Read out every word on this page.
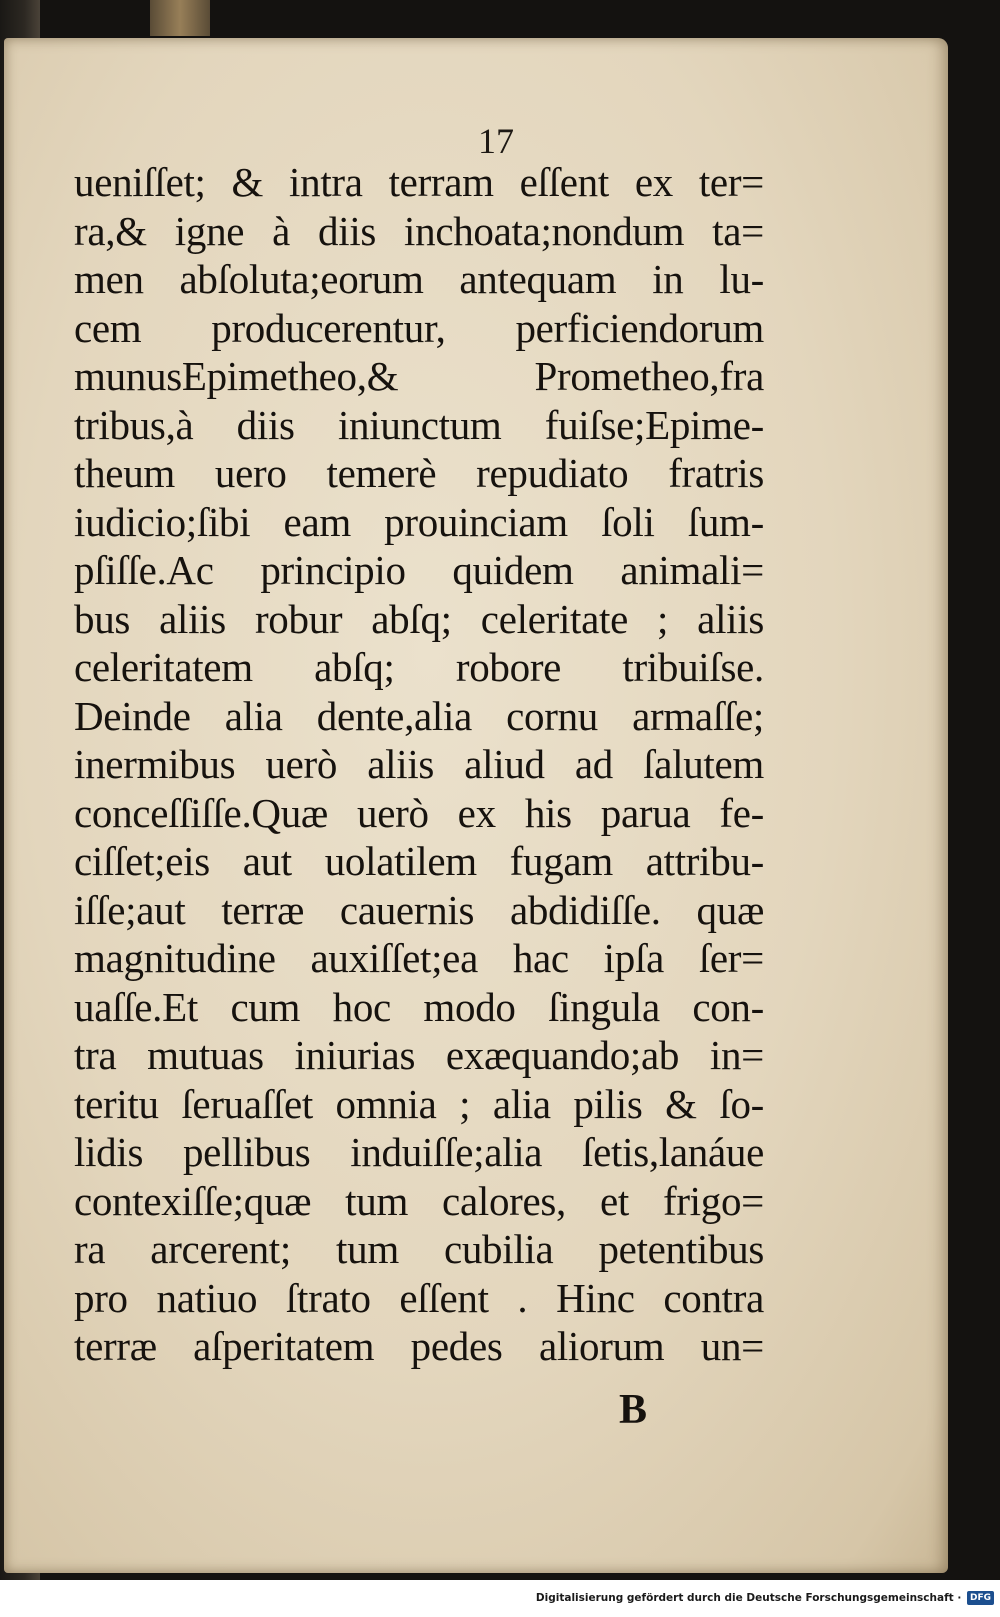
17
ueniſſet; & intra terram eſſent ex ter=
ra,& igne à diis inchoata;nondum ta=
men abſoluta;eorum antequam in lu-
cem producerentur, perficiendorum
munusEpimetheo,& Prometheo,fra
tribus,à diis iniunctum fuiſse;Epime-
theum uero temerè repudiato fratris
iudicio;ſibi eam prouinciam ſoli ſum-
pſiſſe.Ac principio quidem animali=
bus aliis robur abſq; celeritate ; aliis
celeritatem abſq; robore tribuiſse.
Deinde alia dente,alia cornu armaſſe;
inermibus uerò aliis aliud ad ſalutem
conceſſiſſe.Quæ uerò ex his parua fe-
ciſſet;eis aut uolatilem fugam attribu-
iſſe;aut terræ cauernis abdidiſſe. quæ
magnitudine auxiſſet;ea hac ipſa ſer=
uaſſe.Et cum hoc modo ſingula con-
tra mutuas iniurias exæquando;ab in=
teritu ſeruaſſet omnia ; alia pilis & ſo-
lidis pellibus induiſſe;alia ſetis,lanáue
contexiſſe;quæ tum calores, et frigo=
ra arcerent; tum cubilia petentibus
pro natiuo ſtrato eſſent . Hinc contra
terræ aſperitatem pedes aliorum un=
B
Digitalisierung gefördert durch die Deutsche Forschungsgemeinschaft · DFG
